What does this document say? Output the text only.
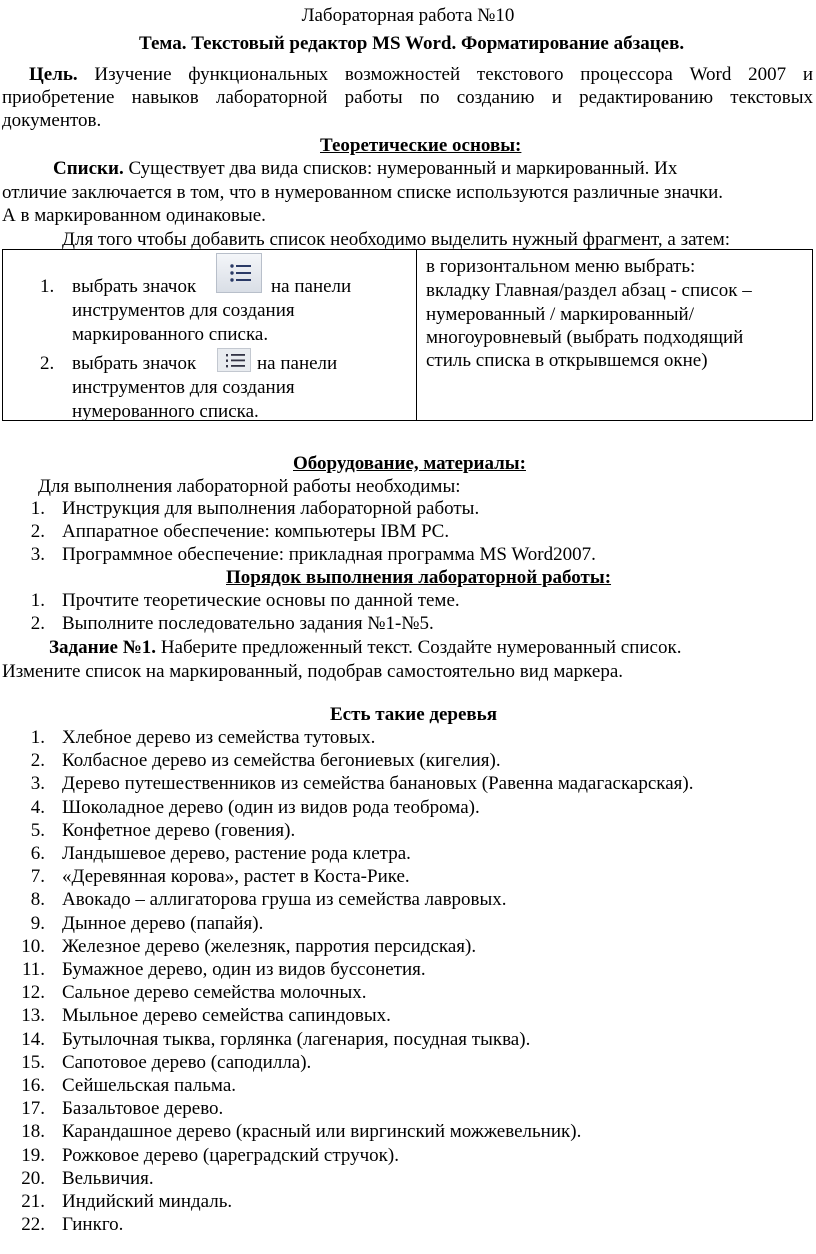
Лабораторная работа №10
Тема. Текстовый редактор MS Word. Форматирование абзацев.
Цель. Изучение функциональных возможностей текстового процессора Word 2007 и
приобретение навыков лабораторной работы по созданию и редактированию текстовых
документов.
Теоретические основы:
Списки. Существует два вида списков: нумерованный и маркированный. Их
отличие заключается в том, что в нумерованном списке используются различные значки.
А в маркированном одинаковые.
Для того чтобы добавить список необходимо выделить нужный фрагмент, а затем:
1. выбрать значок	на панели
инструментов для создания
маркированного списка.
2. выбрать значок	на панели
инструментов для создания
нумерованного списка.
в горизонтальном меню выбрать:
вкладку Главная/раздел абзац - список –
нумерованный / маркированный/
многоуровневый (выбрать подходящий
стиль списка в открывшемся окне)
Оборудование, материалы:
Для выполнения лабораторной работы необходимы:
1. Инструкция для выполнения лабораторной работы.
2. Аппаратное обеспечение: компьютеры IBM PC.
3. Программное обеспечение: прикладная программа MS Word2007.
Порядок выполнения лабораторной работы:
1. Прочтите теоретические основы по данной теме.
2. Выполните последовательно задания №1-№5.
Задание №1. Наберите предложенный текст. Создайте нумерованный список.
Измените список на маркированный, подобрав самостоятельно вид маркера.
Есть такие деревья
1. Хлебное дерево из семейства тутовых.
2. Колбасное дерево из семейства бегониевых (кигелия).
3. Дерево путешественников из семейства банановых (Равенна мадагаскарская).
4. Шоколадное дерево (один из видов рода теоброма).
5. Конфетное дерево (говения).
6. Ландышевое дерево, растение рода клетра.
7. «Деревянная корова», растет в Коста-Рике.
8. Авокадо – аллигаторова груша из семейства лавровых.
9. Дынное дерево (папайя).
10. Железное дерево (железняк, парротия персидская).
11. Бумажное дерево, один из видов буссонетия.
12. Сальное дерево семейства молочных.
13. Мыльное дерево семейства сапиндовых.
14. Бутылочная тыква, горлянка (лагенария, посудная тыква).
15. Сапотовое дерево (саподилла).
16. Сейшельская пальма.
17. Базальтовое дерево.
18. Карандашное дерево (красный или виргинский можжевельник).
19. Рожковое дерево (цареградский стручок).
20. Вельвичия.
21. Индийский миндаль.
22. Гинкго.
